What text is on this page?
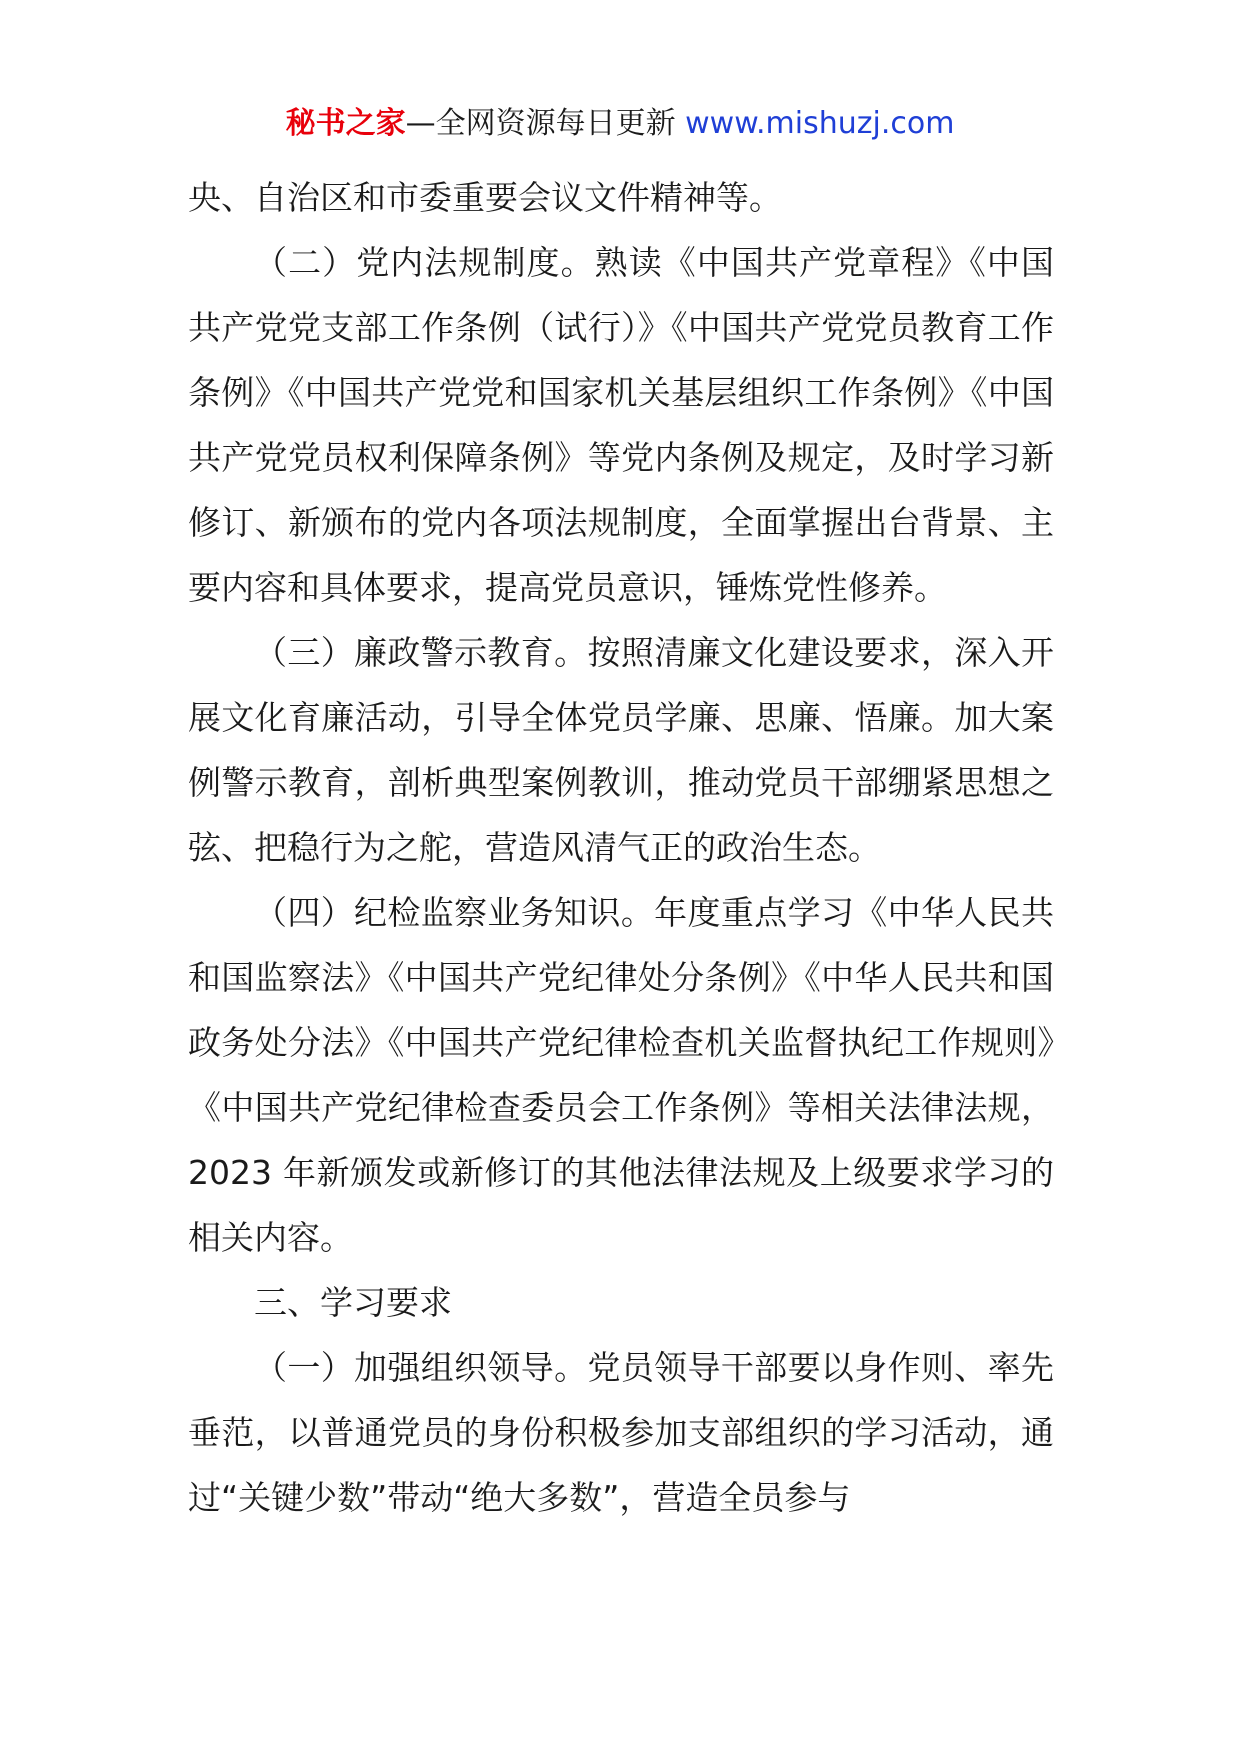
秘书之家—全网资源每日更新 www.mishuzj.com

央、自治区和市委重要会议文件精神等。

（二）党内法规制度。熟读《中国共产党章程》《中国共产党党支部工作条例（试行）》《中国共产党党员教育工作条例》《中国共产党党和国家机关基层组织工作条例》《中国共产党党员权利保障条例》等党内条例及规定，及时学习新修订、新颁布的党内各项法规制度，全面掌握出台背景、主要内容和具体要求，提高党员意识，锤炼党性修养。

（三）廉政警示教育。按照清廉文化建设要求，深入开展文化育廉活动，引导全体党员学廉、思廉、悟廉。加大案例警示教育，剖析典型案例教训，推动党员干部绷紧思想之弦、把稳行为之舵，营造风清气正的政治生态。

（四）纪检监察业务知识。年度重点学习《中华人民共和国监察法》《中国共产党纪律处分条例》《中华人民共和国政务处分法》《中国共产党纪律检查机关监督执纪工作规则》《中国共产党纪律检查委员会工作条例》等相关法律法规，2023 年新颁发或新修订的其他法律法规及上级要求学习的相关内容。

三、学习要求

（一）加强组织领导。党员领导干部要以身作则、率先垂范，以普通党员的身份积极参加支部组织的学习活动，通过“关键少数”带动“绝大多数”，营造全员参与
